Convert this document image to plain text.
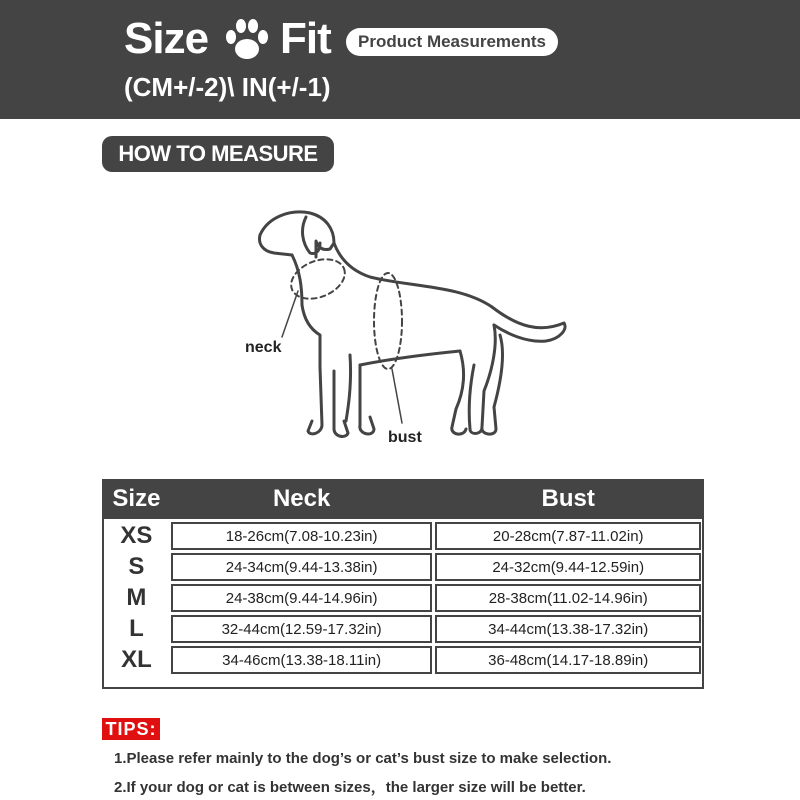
Size Fit	Product Measurements
(CM+/-2)\ IN(+/-1)
HOW TO MEASURE
neck
bust
Size	Neck	Bust
XS	18-26cm(7.08-10.23in)	20-28cm(7.87-11.02in)
S	24-34cm(9.44-13.38in)	24-32cm(9.44-12.59in)
M	24-38cm(9.44-14.96in)	28-38cm(11.02-14.96in)
L	32-44cm(12.59-17.32in)	34-44cm(13.38-17.32in)
XL	34-46cm(13.38-18.11in)	36-48cm(14.17-18.89in)
TIPS:
1.Please refer mainly to the dog’s or cat’s bust size to make selection.
2.If your dog or cat is between sizes，the larger size will be better.
